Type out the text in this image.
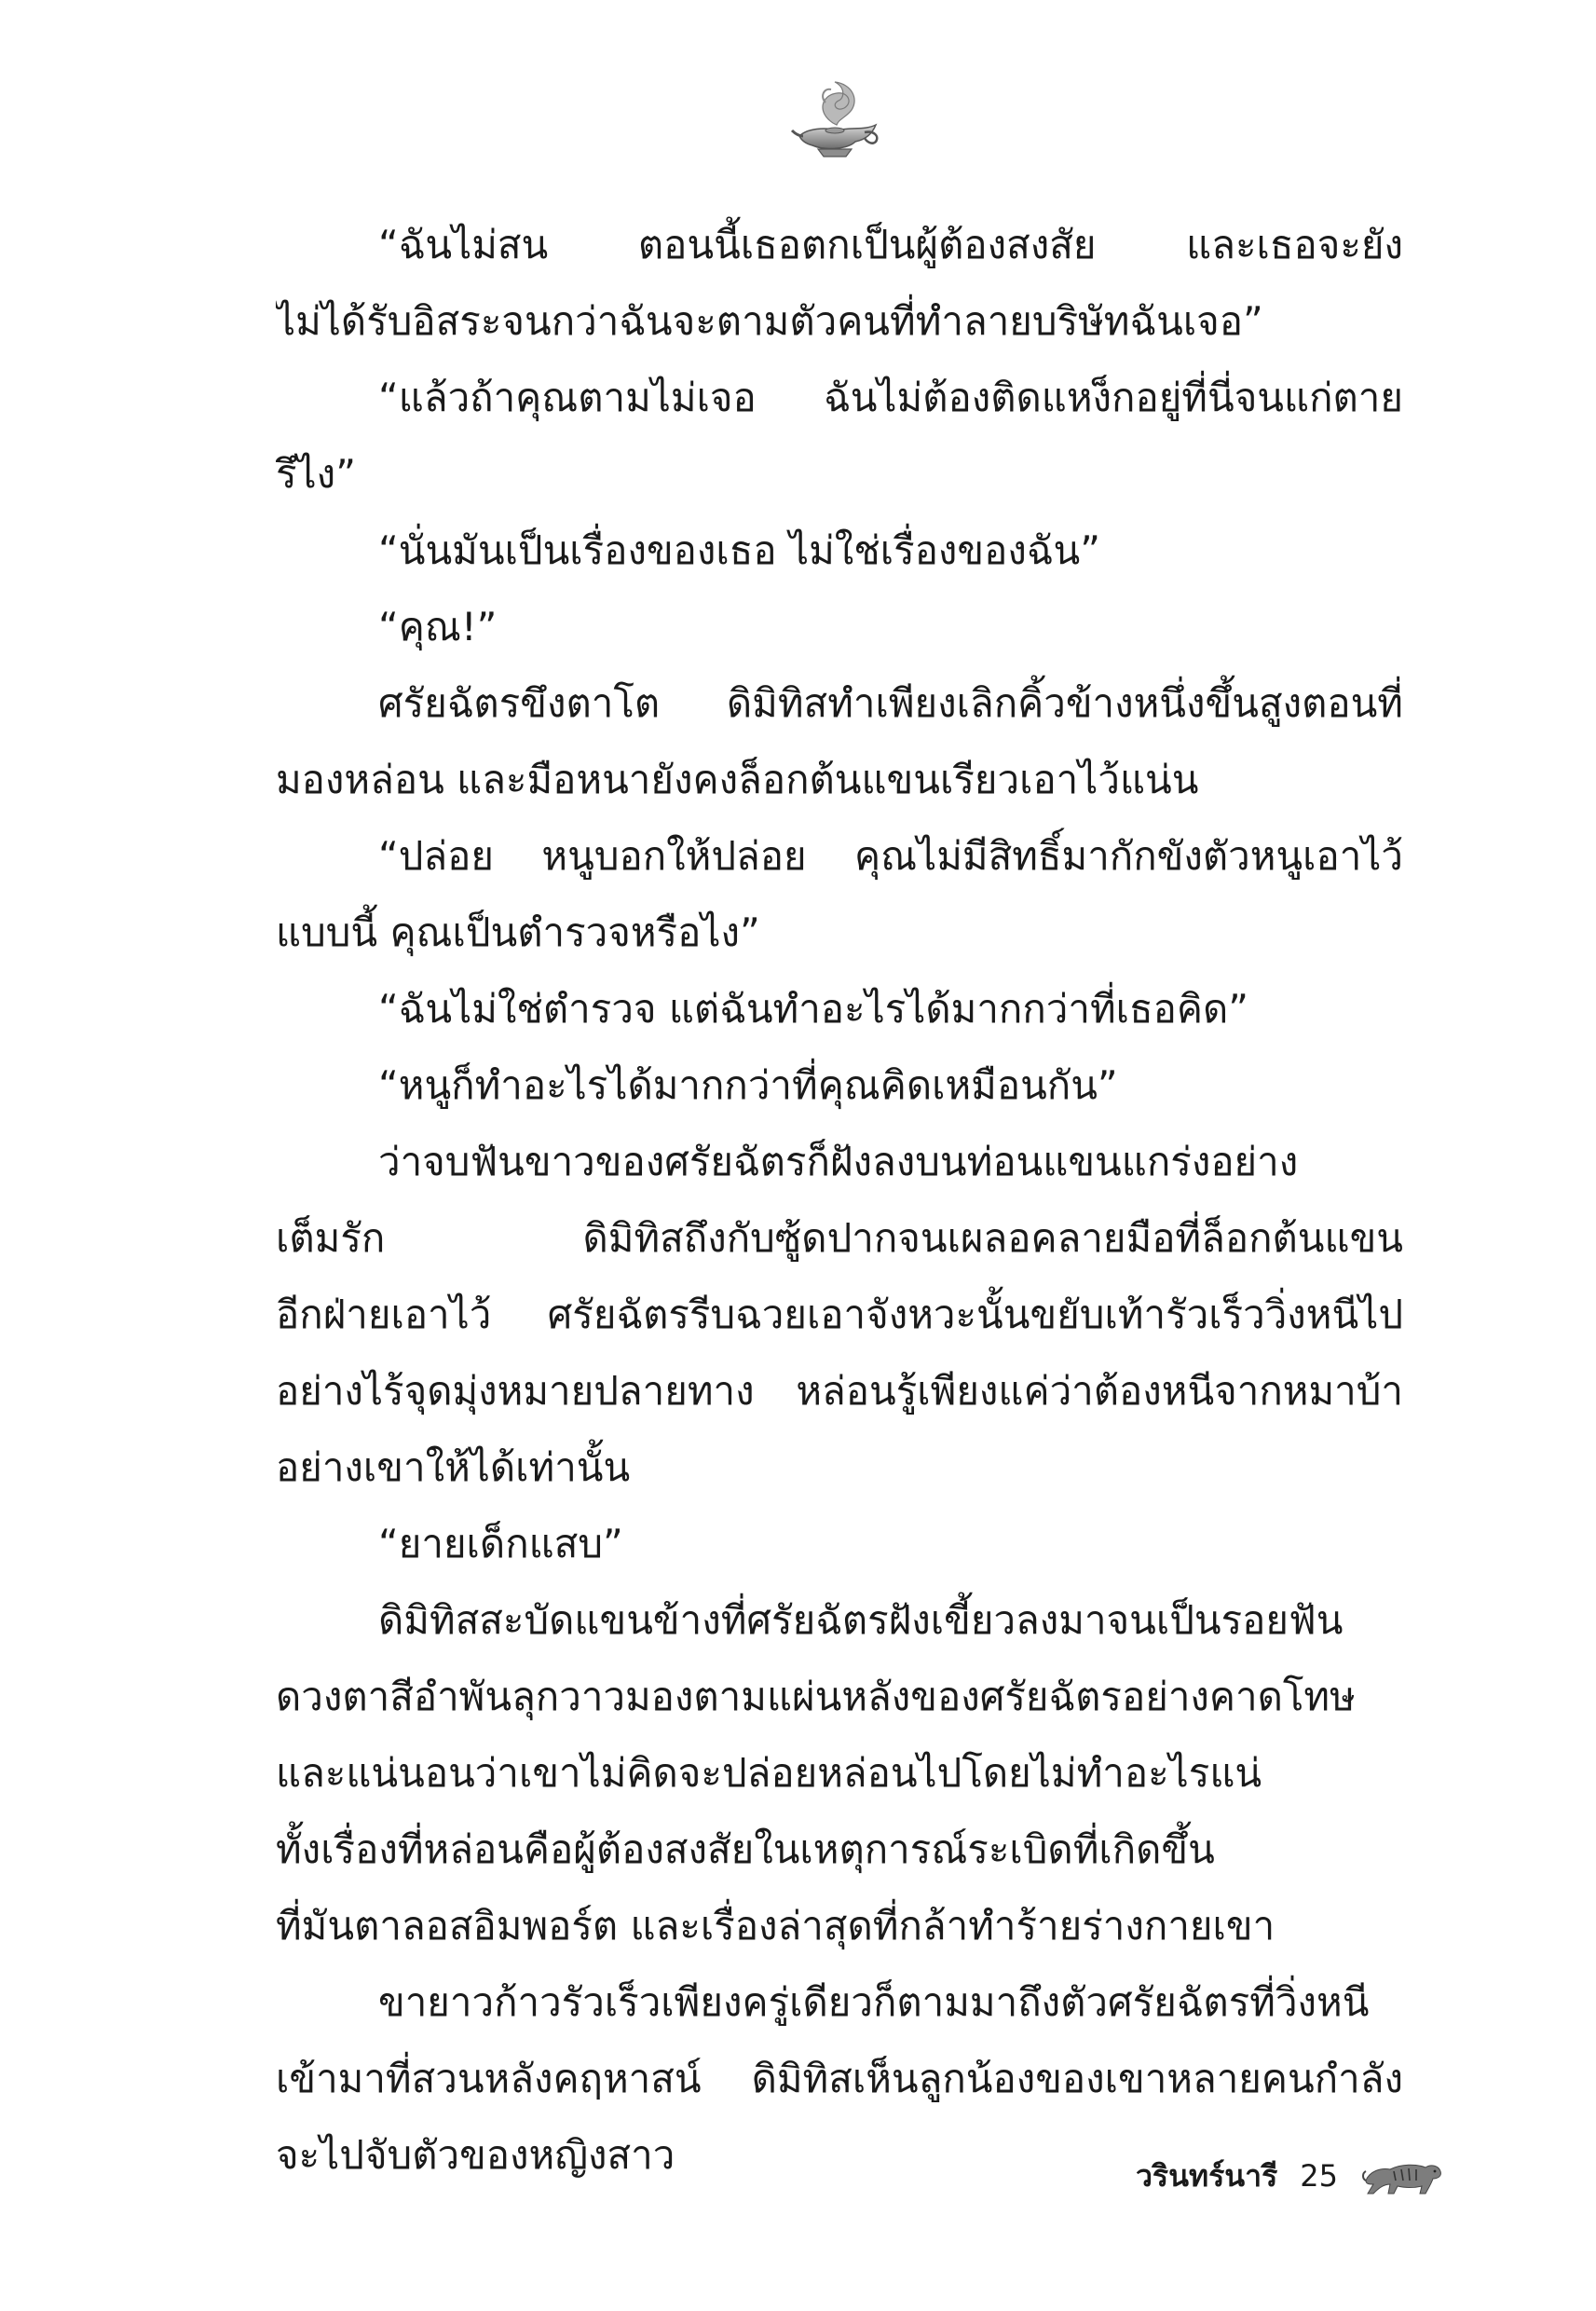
“ฉันไม่สน ตอนนี้เธอตกเป็นผู้ต้องสงสัย และเธอจะยัง
ไม่ได้รับอิสระจนกว่าฉันจะตามตัวคนที่ทำลายบริษัทฉันเจอ”
“แล้วถ้าคุณตามไม่เจอ ฉันไม่ต้องติดแหง็กอยู่ที่นี่จนแก่ตาย
รึไง”
“นั่นมันเป็นเรื่องของเธอ ไม่ใช่เรื่องของฉัน”
“คุณ!”
ศรัยฉัตรขึงตาโต ดิมิทิสทำเพียงเลิกคิ้วข้างหนึ่งขึ้นสูงตอนที่
มองหล่อน และมือหนายังคงล็อกต้นแขนเรียวเอาไว้แน่น
“ปล่อย หนูบอกให้ปล่อย คุณไม่มีสิทธิ์มากักขังตัวหนูเอาไว้
แบบนี้ คุณเป็นตำรวจหรือไง”
“ฉันไม่ใช่ตำรวจ แต่ฉันทำอะไรได้มากกว่าที่เธอคิด”
“หนูก็ทำอะไรได้มากกว่าที่คุณคิดเหมือนกัน”
ว่าจบฟันขาวของศรัยฉัตรก็ฝังลงบนท่อนแขนแกร่งอย่าง
เต็มรัก ดิมิทิสถึงกับซู้ดปากจนเผลอคลายมือที่ล็อกต้นแขน
อีกฝ่ายเอาไว้ ศรัยฉัตรรีบฉวยเอาจังหวะนั้นขยับเท้ารัวเร็ววิ่งหนีไป
อย่างไร้จุดมุ่งหมายปลายทาง หล่อนรู้เพียงแค่ว่าต้องหนีจากหมาบ้า
อย่างเขาให้ได้เท่านั้น
“ยายเด็กแสบ”
ดิมิทิสสะบัดแขนข้างที่ศรัยฉัตรฝังเขี้ยวลงมาจนเป็นรอยฟัน
ดวงตาสีอำพันลุกวาวมองตามแผ่นหลังของศรัยฉัตรอย่างคาดโทษ
และแน่นอนว่าเขาไม่คิดจะปล่อยหล่อนไปโดยไม่ทำอะไรแน่
ทั้งเรื่องที่หล่อนคือผู้ต้องสงสัยในเหตุการณ์ระเบิดที่เกิดขึ้น
ที่มันตาลอสอิมพอร์ต และเรื่องล่าสุดที่กล้าทำร้ายร่างกายเขา
ขายาวก้าวรัวเร็วเพียงครู่เดียวก็ตามมาถึงตัวศรัยฉัตรที่วิ่งหนี
เข้ามาที่สวนหลังคฤหาสน์ ดิมิทิสเห็นลูกน้องของเขาหลายคนกำลัง
จะไปจับตัวของหญิงสาว	วรินทร์นารี 25
